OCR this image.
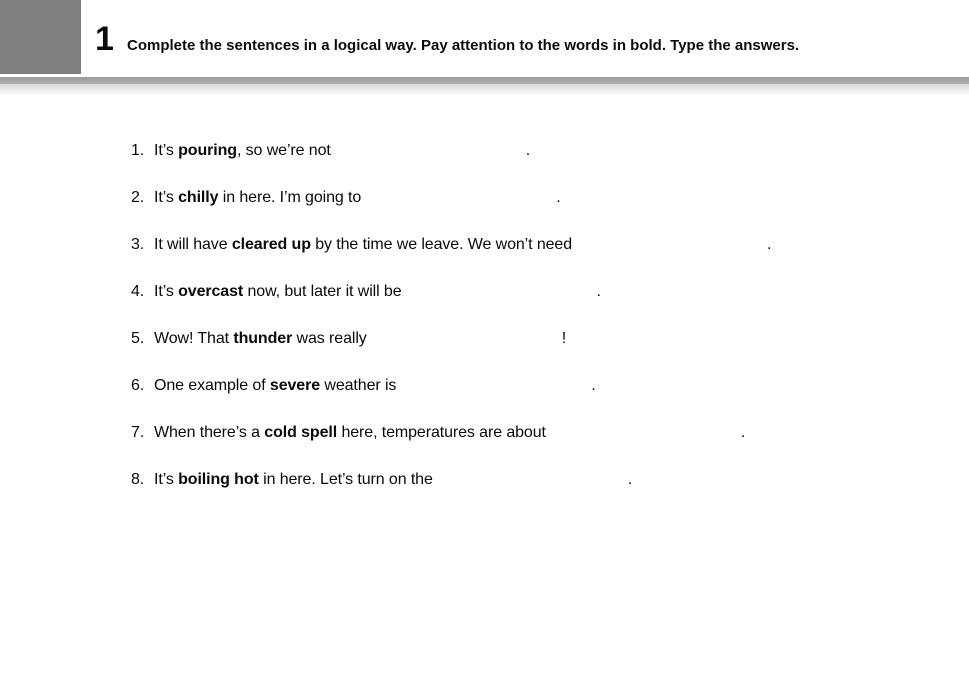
1 Complete the sentences in a logical way. Pay attention to the words in bold. Type the answers.
1. It’s pouring, so we’re not	.
2. It’s chilly in here. I’m going to	.
3. It will have cleared up by the time we leave. We won’t need	.
4. It’s overcast now, but later it will be	.
5. Wow! That thunder was really	!
6. One example of severe weather is	.
7. When there’s a cold spell here, temperatures are about	.
8. It’s boiling hot in here. Let’s turn on the	.
